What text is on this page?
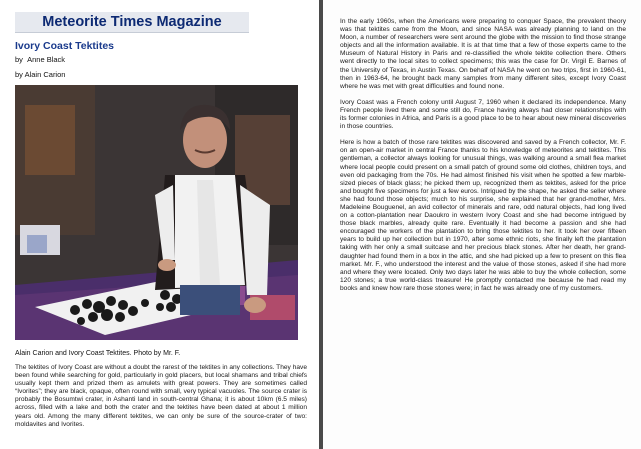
Meteorite Times Magazine
Ivory Coast Tektites
by Anne Black
by Alain Carion
Alain Carion and Ivory Coast Tektites. Photo by Mr. F.

The tektites of Ivory Coast are without a doubt the rarest of the tektites in any collections. They have been found while searching for gold, particularly in gold placers, but local shamans and tribal chiefs usually kept them and prized them as amulets with great powers. They are sometimes called “Ivorites”; they are black, opaque, often round with small, very typical vacuoles. The source crater is probably the Bosumtwi crater, in Ashanti land in south-central Ghana; it is about 10km (6.5 miles) across, filled with a lake and both the crater and the tektites have been dated at about 1 million years old. Among the many different tektites, we can only be sure of the source-crater of two: moldavites and Ivorites.

In the early 1960s, when the Americans were preparing to conquer Space, the prevalent theory was that tektites came from the Moon, and since NASA was already planning to land on the Moon, a number of researchers were sent around the globe with the mission to find those strange objects and all the information available. It is at that time that a few of those experts came to the Museum of Natural History in Paris and re-classified the whole tektite collection there. Others went directly to the local sites to collect specimens; this was the case for Dr. Virgil E. Barnes of the University of Texas, in Austin Texas. On behalf of NASA he went on two trips, first in 1960-61, then in 1963-64, he brought back many samples from many different sites, except Ivory Coast where he was met with great difficulties and found none.

Ivory Coast was a French colony until August 7, 1960 when it declared its independence. Many French people lived there and some still do, France having always had closer relationships with its former colonies in Africa, and Paris is a good place to be to hear about new mineral discoveries in those countries.

Here is how a batch of those rare tektites was discovered and saved by a French collector, Mr. F. on an open-air market in central France thanks to his knowledge of meteorites and tektites. This gentleman, a collector always looking for unusual things, was walking around a small flea market where local people could present on a small patch of ground some old clothes, children toys, and even old packaging from the 70s. He had almost finished his visit when he spotted a few marble-sized pieces of black glass; he picked them up, recognized them as tektites, asked for the price and bought five specimens for just a few euros. Intrigued by the shape, he asked the seller where she had found those objects; much to his surprise, she explained that her grand-mother, Mrs. Madeleine Bouguenel, an avid collector of minerals and rare, odd natural objects, had long lived on a cotton-plantation near Daoukro in western Ivory Coast and she had become intrigued by those black marbles, already quite rare. Eventually it had become a passion and she had encouraged the workers of the plantation to bring those tektites to her. It took her over fifteen years to build up her collection but in 1970, after some ethnic riots, she finally left the plantation taking with her only a small suitcase and her precious black stones. After her death, her grand-daughter had found them in a box in the attic, and she had picked up a few to present on this flea market. Mr. F., who understood the interest and the value of those stones, asked if she had more and where they were located. Only two days later he was able to buy the whole collection, some 120 stones; a true world-class treasure! He promptly contacted me because he had read my books and knew how rare those stones were; in fact he was already one of my customers.
